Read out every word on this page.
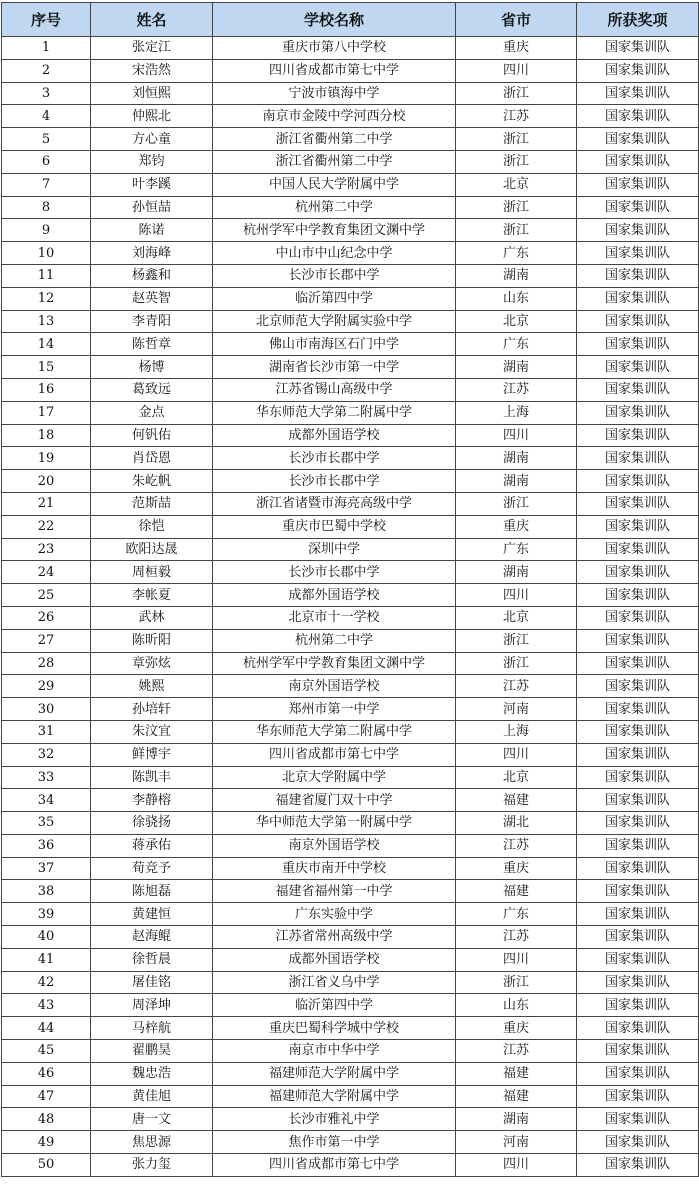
序号	姓名	学校名称	省市	所获奖项
1	张定江	重庆市第八中学校	重庆	国家集训队
2	宋浩然	四川省成都市第七中学	四川	国家集训队
3	刘恒熙	宁波市镇海中学	浙江	国家集训队
4	仲熙北	南京市金陵中学河西分校	江苏	国家集训队
5	方心童	浙江省衢州第二中学	浙江	国家集训队
6	郑钧	浙江省衢州第二中学	浙江	国家集训队
7	叶李蹊	中国人民大学附属中学	北京	国家集训队
8	孙恒喆	杭州第二中学	浙江	国家集训队
9	陈诺	杭州学军中学教育集团文渊中学	浙江	国家集训队
10	刘海峰	中山市中山纪念中学	广东	国家集训队
11	杨鑫和	长沙市长郡中学	湖南	国家集训队
12	赵英智	临沂第四中学	山东	国家集训队
13	李青阳	北京师范大学附属实验中学	北京	国家集训队
14	陈哲章	佛山市南海区石门中学	广东	国家集训队
15	杨博	湖南省长沙市第一中学	湖南	国家集训队
16	葛致远	江苏省锡山高级中学	江苏	国家集训队
17	金点	华东师范大学第二附属中学	上海	国家集训队
18	何钒佑	成都外国语学校	四川	国家集训队
19	肖岱恩	长沙市长郡中学	湖南	国家集训队
20	朱屹帆	长沙市长郡中学	湖南	国家集训队
21	范斯喆	浙江省诸暨市海亮高级中学	浙江	国家集训队
22	徐恺	重庆市巴蜀中学校	重庆	国家集训队
23	欧阳达晟	深圳中学	广东	国家集训队
24	周桓毅	长沙市长郡中学	湖南	国家集训队
25	李帐夏	成都外国语学校	四川	国家集训队
26	武林	北京市十一学校	北京	国家集训队
27	陈昕阳	杭州第二中学	浙江	国家集训队
28	章弥炫	杭州学军中学教育集团文渊中学	浙江	国家集训队
29	姚熙	南京外国语学校	江苏	国家集训队
30	孙培轩	郑州市第一中学	河南	国家集训队
31	朱汶宜	华东师范大学第二附属中学	上海	国家集训队
32	鲜博宇	四川省成都市第七中学	四川	国家集训队
33	陈凯丰	北京大学附属中学	北京	国家集训队
34	李静榕	福建省厦门双十中学	福建	国家集训队
35	徐骁扬	华中师范大学第一附属中学	湖北	国家集训队
36	蒋承佑	南京外国语学校	江苏	国家集训队
37	荀竞予	重庆市南开中学校	重庆	国家集训队
38	陈旭磊	福建省福州第一中学	福建	国家集训队
39	黄建恒	广东实验中学	广东	国家集训队
40	赵海鲲	江苏省常州高级中学	江苏	国家集训队
41	徐哲晨	成都外国语学校	四川	国家集训队
42	屠佳铭	浙江省义乌中学	浙江	国家集训队
43	周泽坤	临沂第四中学	山东	国家集训队
44	马梓航	重庆巴蜀科学城中学校	重庆	国家集训队
45	翟鹏昊	南京市中华中学	江苏	国家集训队
46	魏忠浩	福建师范大学附属中学	福建	国家集训队
47	黄佳旭	福建师范大学附属中学	福建	国家集训队
48	唐一文	长沙市雅礼中学	湖南	国家集训队
49	焦思源	焦作市第一中学	河南	国家集训队
50	张力玺	四川省成都市第七中学	四川	国家集训队
